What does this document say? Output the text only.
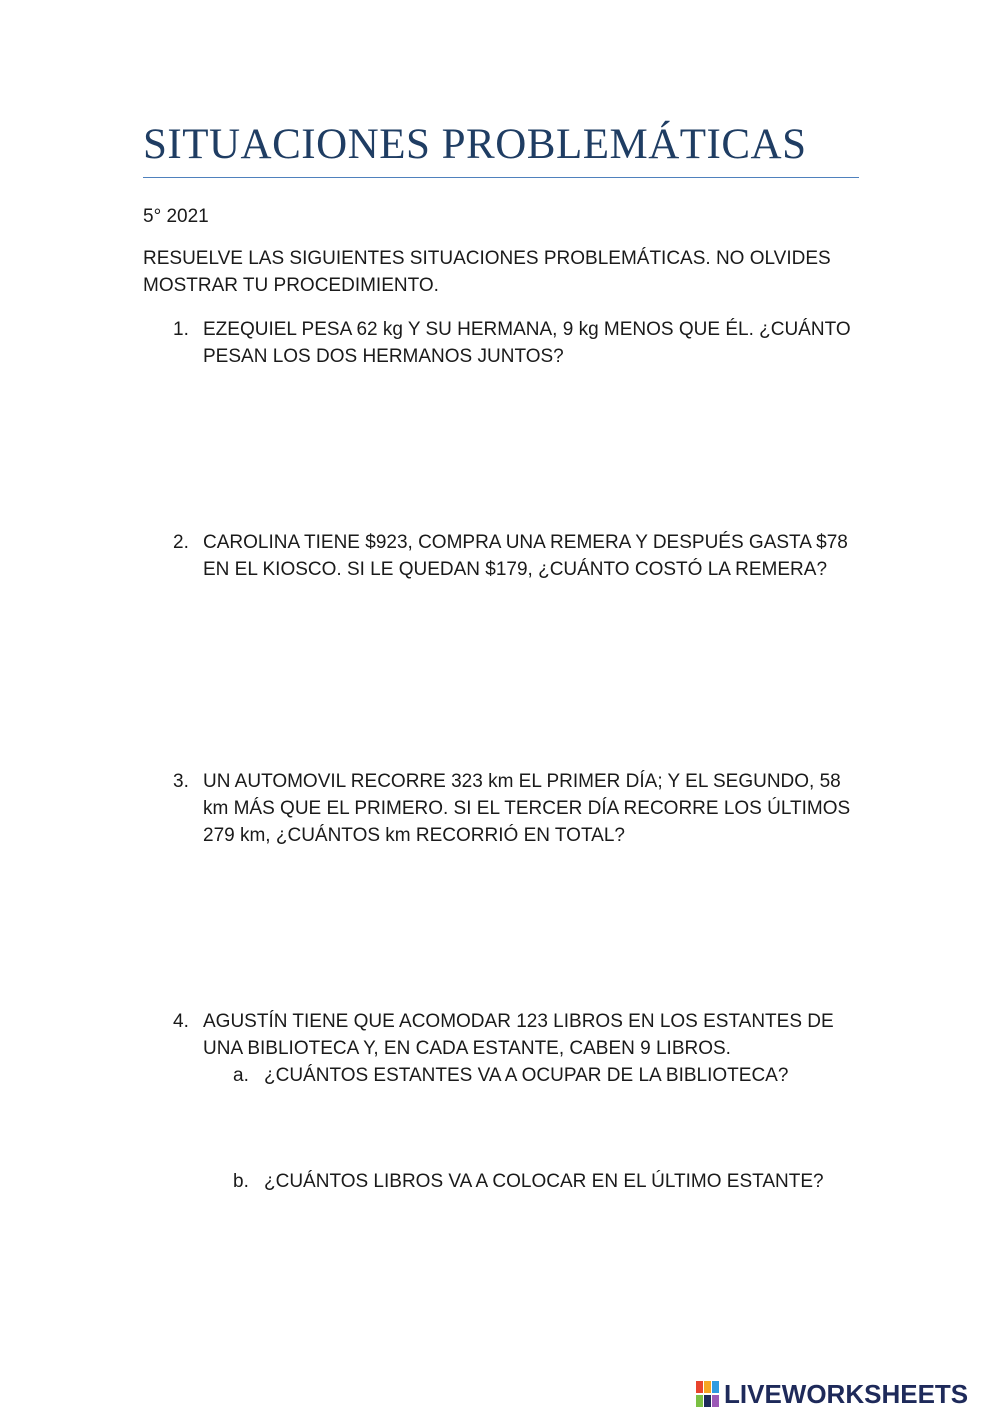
SITUACIONES PROBLEMÁTICAS

5° 2021

RESUELVE LAS SIGUIENTES SITUACIONES PROBLEMÁTICAS. NO OLVIDES MOSTRAR TU PROCEDIMIENTO.

1. EZEQUIEL PESA 62 kg Y SU HERMANA, 9 kg MENOS QUE ÉL. ¿CUÁNTO PESAN LOS DOS HERMANOS JUNTOS?
2. CAROLINA TIENE $923, COMPRA UNA REMERA Y DESPUÉS GASTA $78 EN EL KIOSCO. SI LE QUEDAN $179, ¿CUÁNTO COSTÓ LA REMERA?
3. UN AUTOMOVIL RECORRE 323 km EL PRIMER DÍA; Y EL SEGUNDO, 58 km MÁS QUE EL PRIMERO. SI EL TERCER DÍA RECORRE LOS ÚLTIMOS 279 km, ¿CUÁNTOS km RECORRIÓ EN TOTAL?
4. AGUSTÍN TIENE QUE ACOMODAR 123 LIBROS EN LOS ESTANTES DE UNA BIBLIOTECA Y, EN CADA ESTANTE, CABEN 9 LIBROS.
a. ¿CUÁNTOS ESTANTES VA A OCUPAR DE LA BIBLIOTECA?
b. ¿CUÁNTOS LIBROS VA A COLOCAR EN EL ÚLTIMO ESTANTE?
LIVEWORKSHEETS
